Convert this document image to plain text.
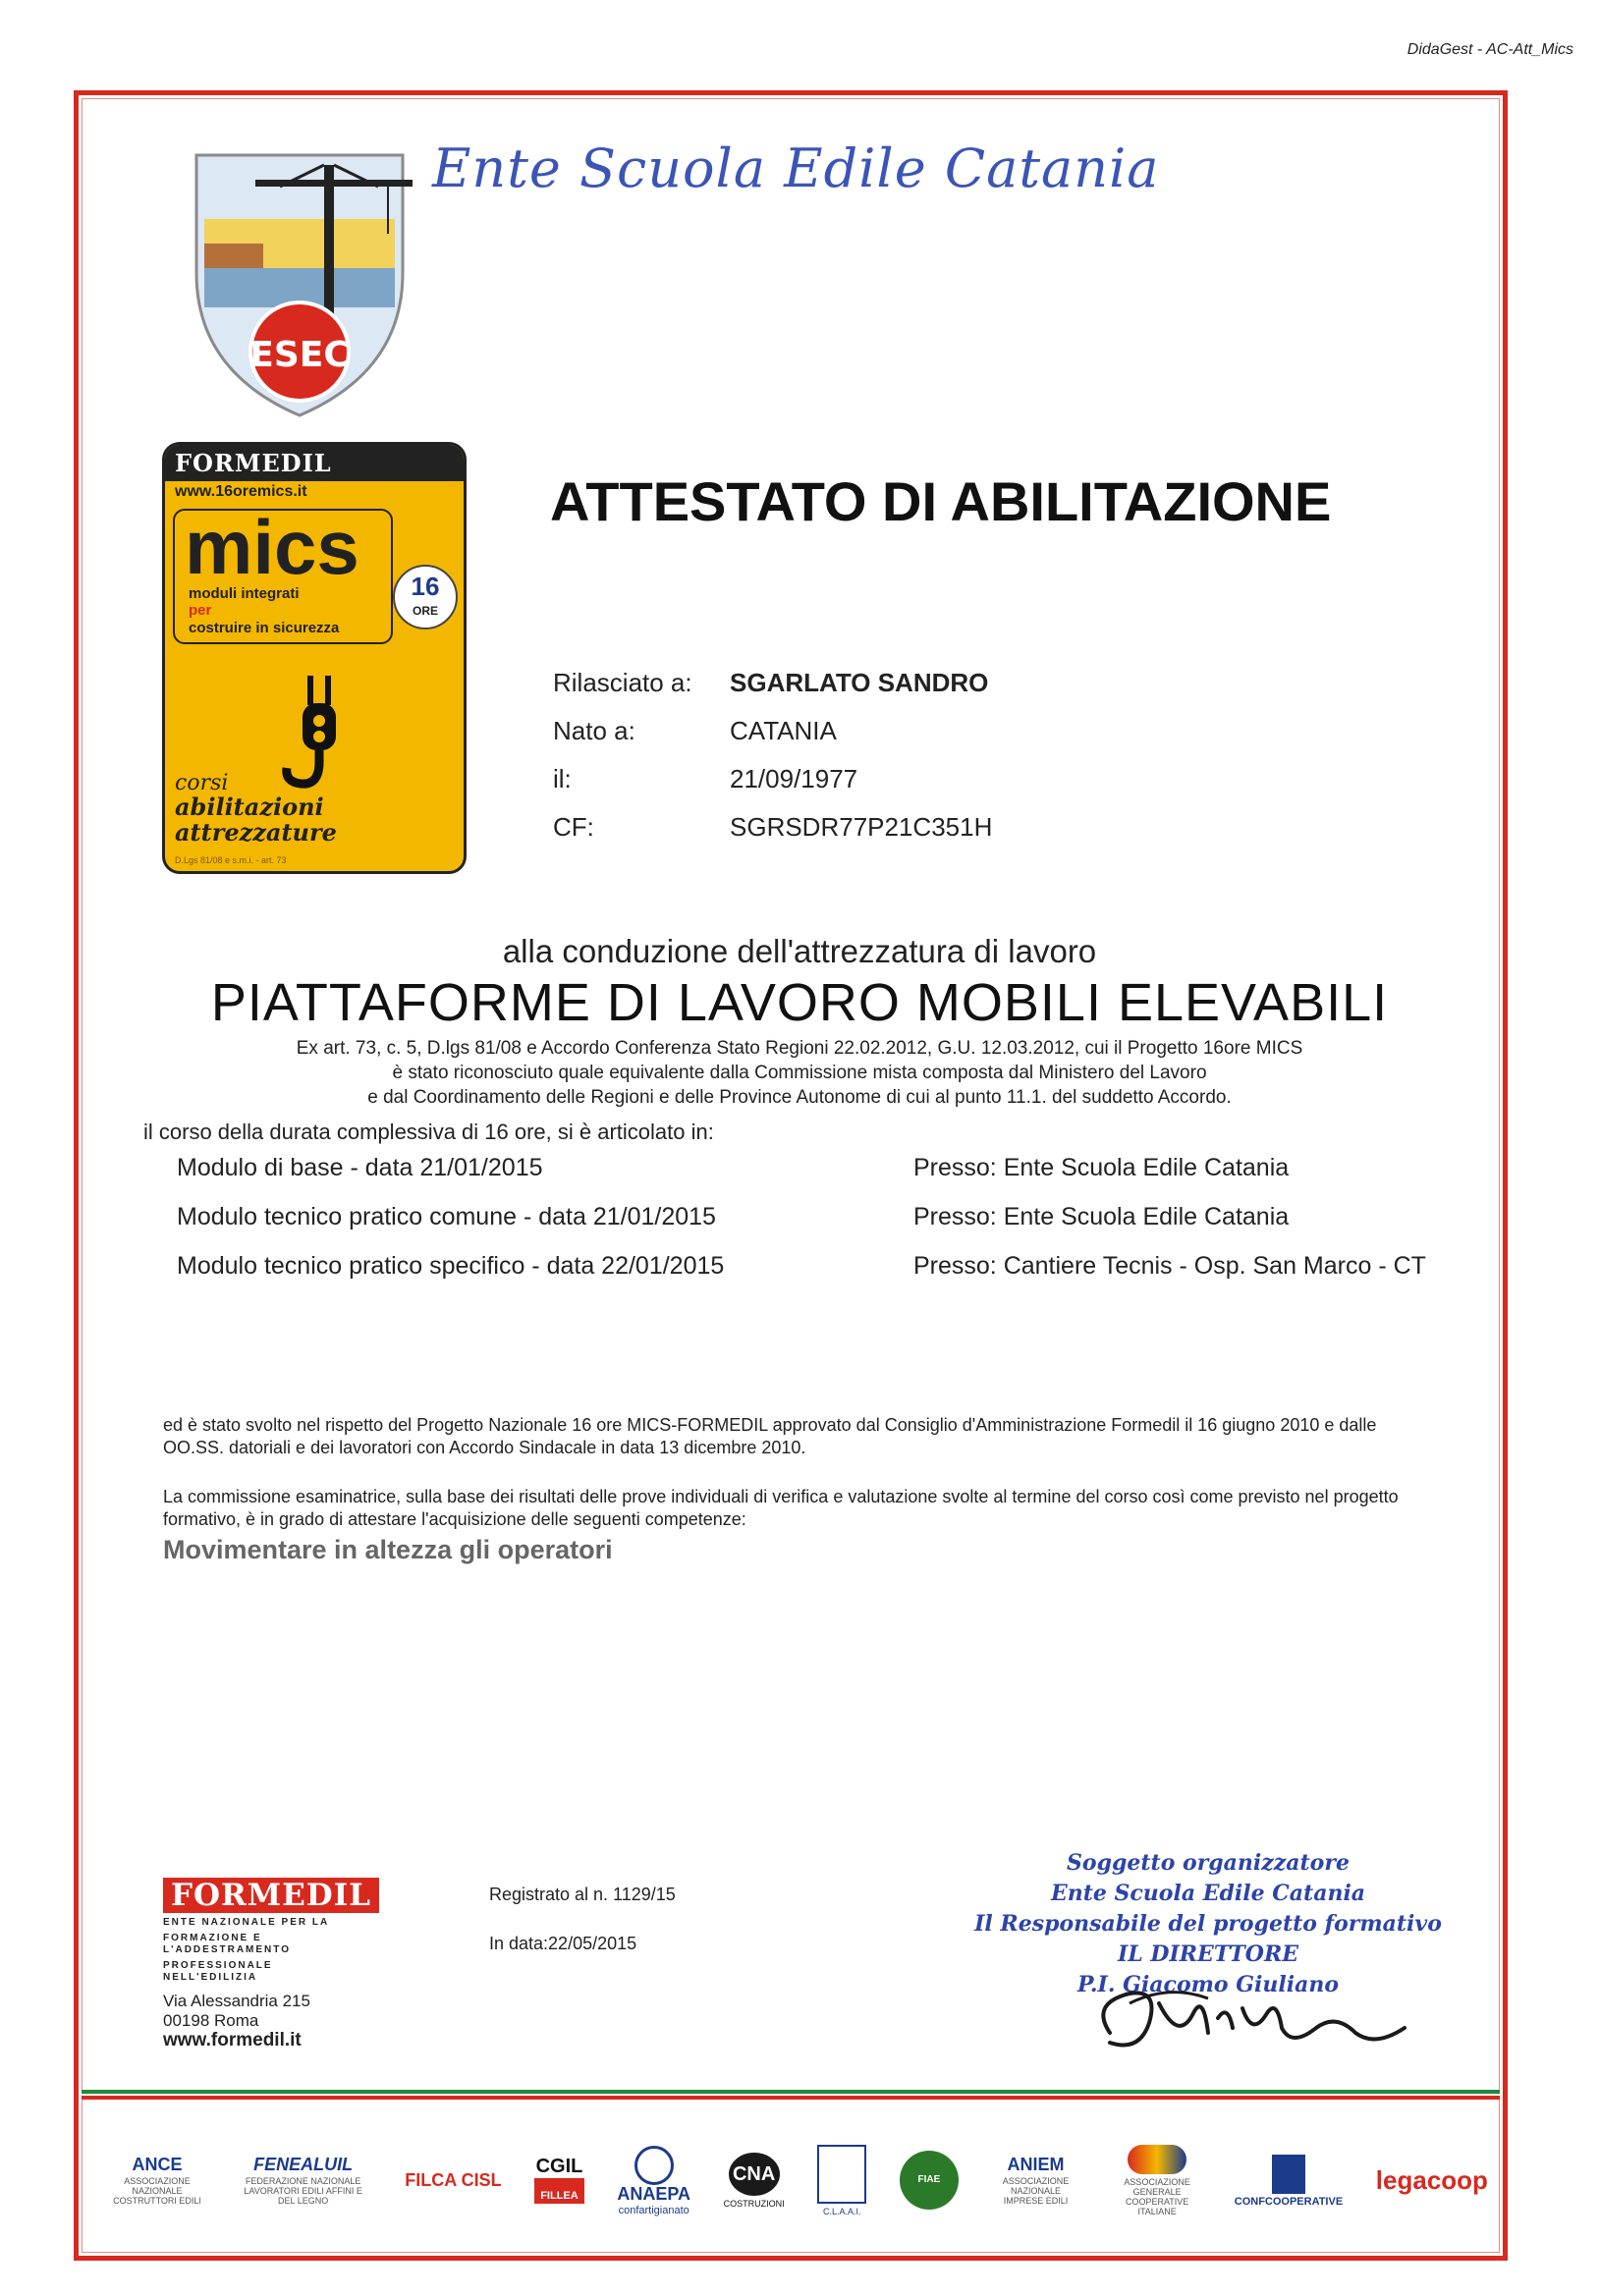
DidaGest - AC-Att_Mics
ESEC
Ente Scuola Edile Catania
FORMEDIL
www.16oremics.it
mics
moduli integrati
per
costruire in sicurezza
16
ORE
corsi
abilitazioni attrezzature
D.Lgs 81/08 e s.m.i. - art. 73
ATTESTATO DI ABILITAZIONE
Rilasciato a:	SGARLATO SANDRO
Nato a:	CATANIA
il:	21/09/1977
CF:	SGRSDR77P21C351H
alla conduzione dell'attrezzatura di lavoro
PIATTAFORME DI LAVORO MOBILI ELEVABILI
Ex art. 73, c. 5, D.lgs 81/08 e Accordo Conferenza Stato Regioni 22.02.2012, G.U. 12.03.2012, cui il Progetto 16ore MICS
è stato riconosciuto quale equivalente dalla Commissione mista composta dal Ministero del Lavoro
e dal Coordinamento delle Regioni e delle Province Autonome di cui al punto 11.1. del suddetto Accordo.
il corso della durata complessiva di 16 ore, si è articolato in:
Modulo di base - data 21/01/2015	Presso: Ente Scuola Edile Catania
Modulo tecnico pratico comune - data 21/01/2015	Presso: Ente Scuola Edile Catania
Modulo tecnico pratico specifico - data 22/01/2015	Presso: Cantiere Tecnis - Osp. San Marco - CT
ed è stato svolto nel rispetto del Progetto Nazionale 16 ore MICS-FORMEDIL approvato dal Consiglio d'Amministrazione Formedil il 16 giugno 2010 e dalle OO.SS. datoriali e dei lavoratori con Accordo Sindacale in data 13 dicembre 2010.
La commissione esaminatrice, sulla base dei risultati delle prove individuali di verifica e valutazione svolte al termine del corso così come previsto nel progetto formativo, è in grado di attestare l'acquisizione delle seguenti competenze:
Movimentare in altezza gli operatori
FORMEDIL
ENTE NAZIONALE PER LA
FORMAZIONE E L'ADDESTRAMENTO
PROFESSIONALE NELL'EDILIZIA
Via Alessandria 215
00198 Roma
www.formedil.it
Registrato al n. 1129/15
In data:22/05/2015
Soggetto organizzatore
Ente Scuola Edile Catania
Il Responsabile del progetto formativo
IL DIRETTORE
P.I. Giacomo Giuliano
ANCE
ASSOCIAZIONE NAZIONALE COSTRUTTORI EDILI
FENEALUIL
FEDERAZIONE NAZIONALE LAVORATORI EDILI AFFINI E DEL LEGNO
FILCA CISL
CGIL
FILLEA	ANAEPA
confartigianato
CNA
COSTRUZIONI
C.L.A.A.I.
FIAE
ANIEM
ASSOCIAZIONE NAZIONALE IMPRESE EDILI
ASSOCIAZIONE GENERALE COOPERATIVE ITALIANE
CONFCOOPERATIVE
legacoop
